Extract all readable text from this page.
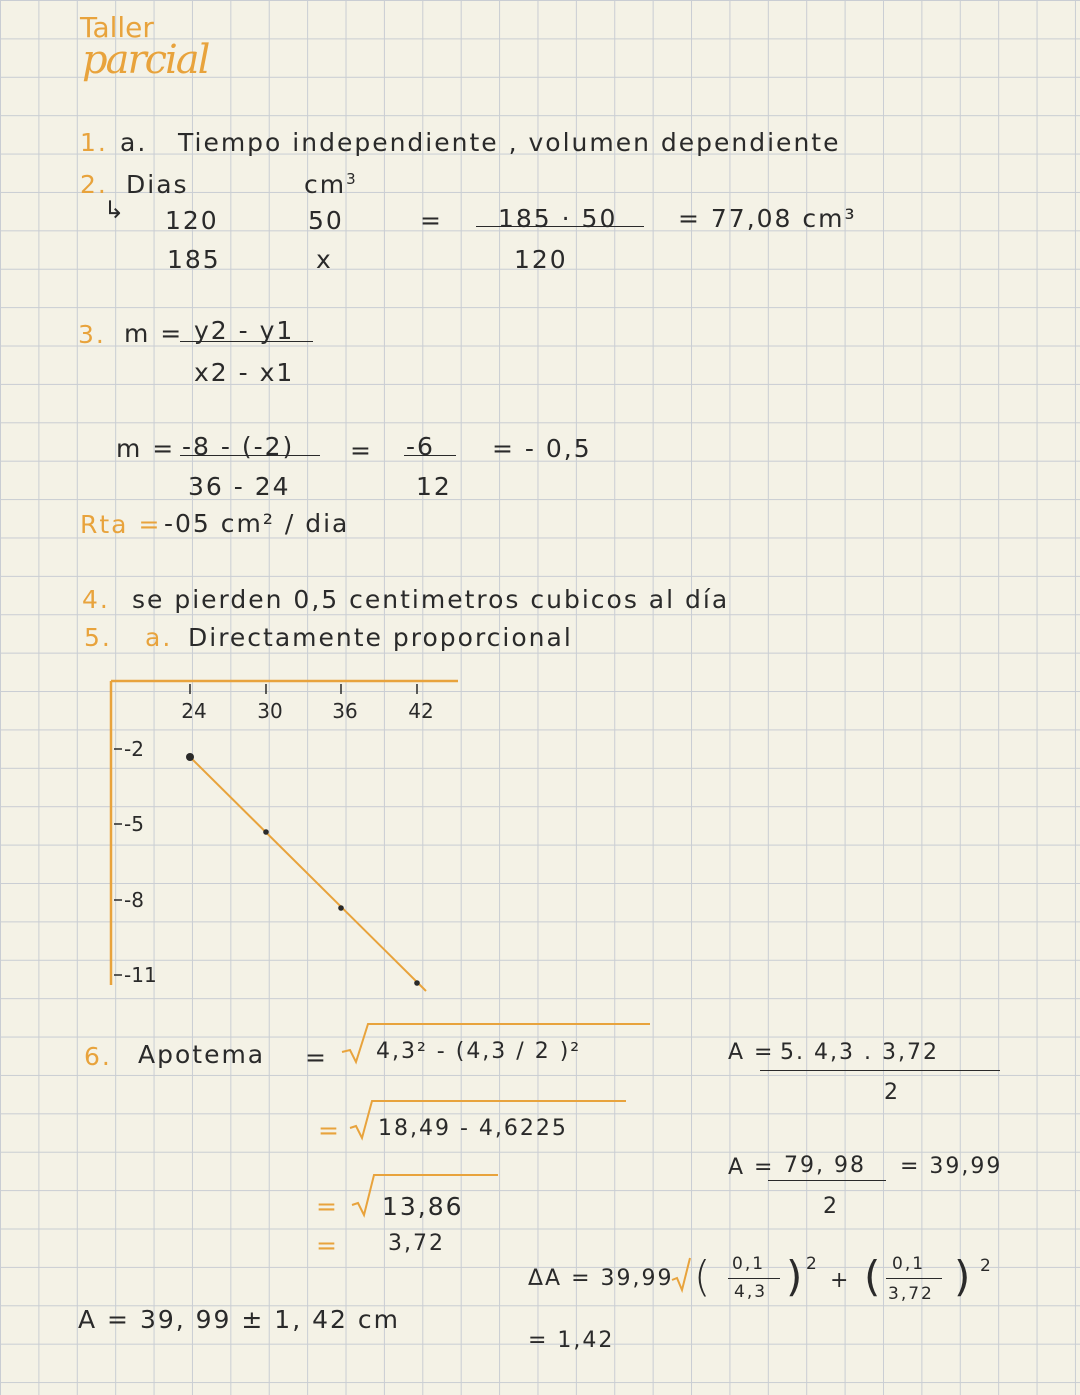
Taller
parcial
1. a. Tiempo independiente , volumen dependiente
2. Dias	$cm^3$
↳ 120	50
185	x
= 185 · 50
120
= 77,08 cm³
3. m = y2 - y1
x2 - x1
m = -8 - (-2)
36 - 24
= -6
12
= - 0,5
Rta = -05 cm² / dia
4. se pierden 0,5 centimetros cubicos al día
5. a. Directamente proporcional
24	30 36	42
-2
-5
-8
-11
6. Apotema = 4,3² - (4,3 / 2 )²
= 18,49 - 4,6225
= 13,86
= 3,72
A = 39, 99 ± 1, 42 cm
A = 5. 4,3 . 3,72
2
A = 79, 98
2
= 39,99
ΔA = 39,99 ( 0,1
4,3 ) 2
+ ( 0,1
3,72 ) 2
= 1,42
